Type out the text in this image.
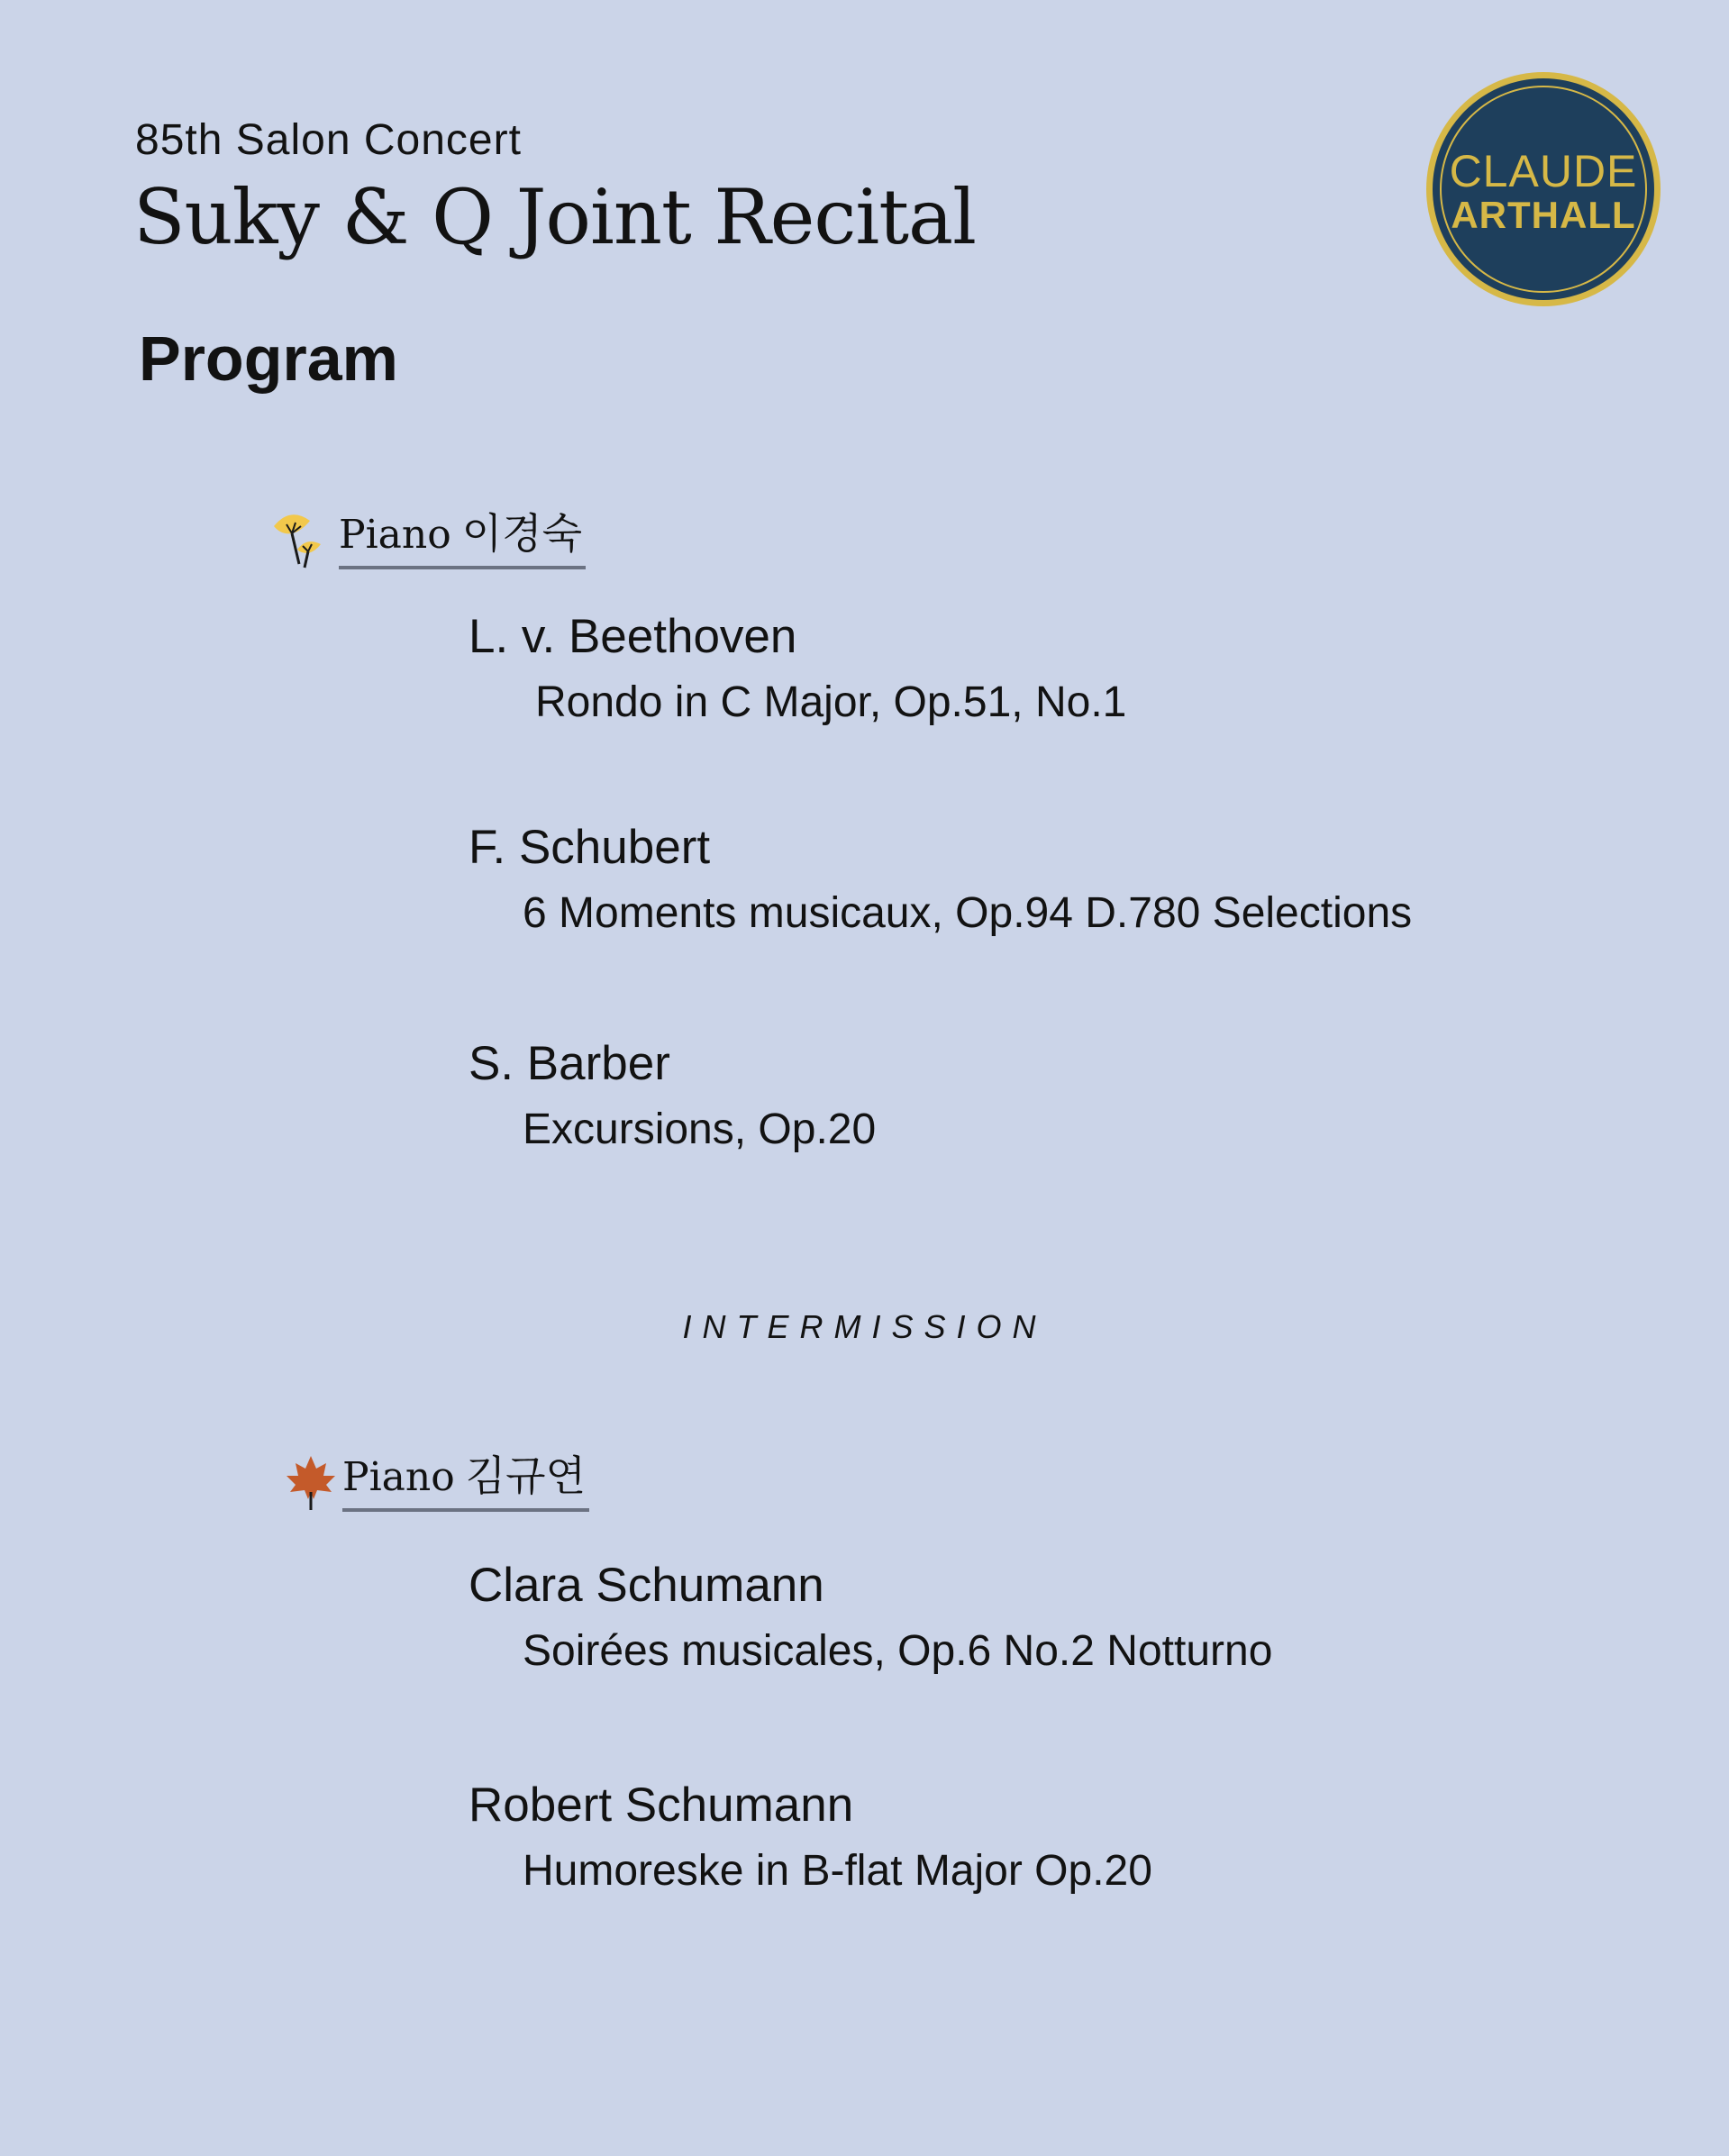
85th Salon Concert
Suky & Q Joint Recital
Program
CLAUDE
ARTHALL
Piano 이경숙
L. v. Beethoven
Rondo in C Major, Op.51, No.1
F. Schubert
6 Moments musicaux, Op.94 D.780 Selections
S. Barber
Excursions, Op.20
INTERMISSION
Piano 김규연
Clara Schumann
Soirées musicales, Op.6 No.2 Notturno
Robert Schumann
Humoreske in B-flat Major Op.20
